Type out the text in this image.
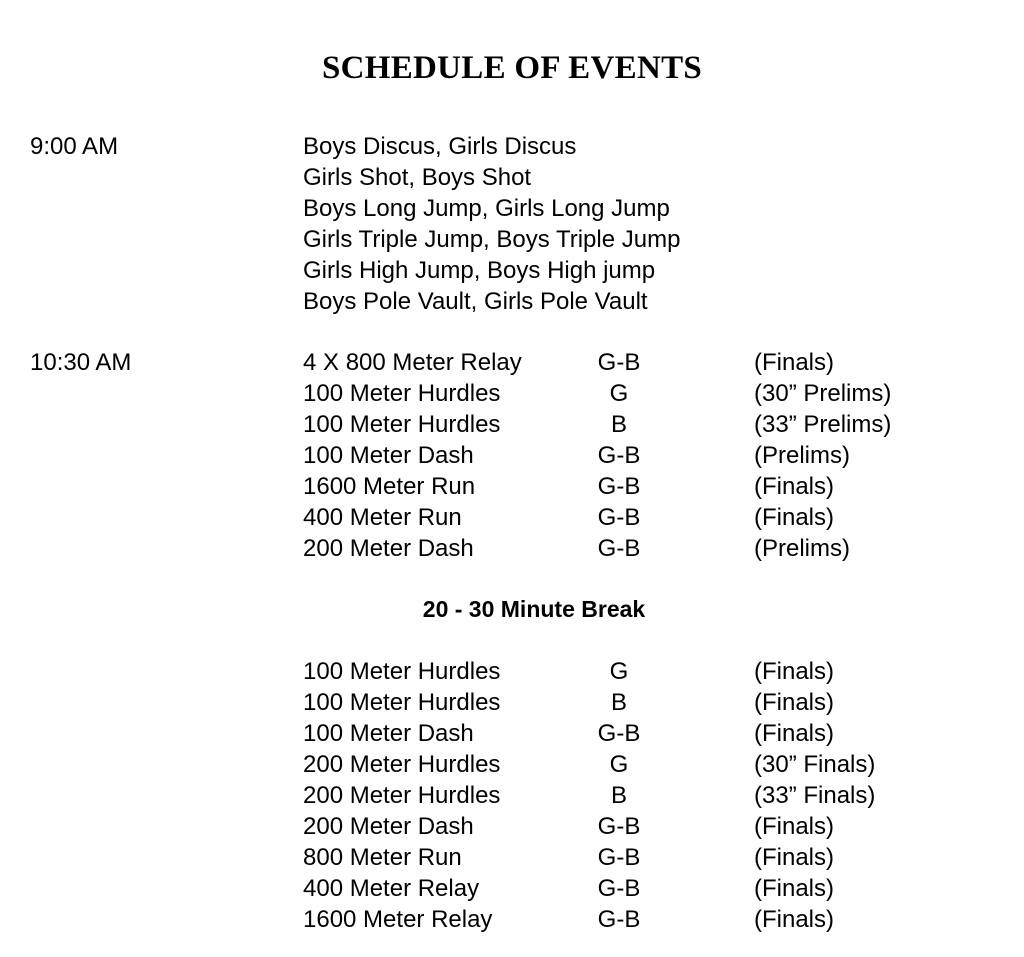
SCHEDULE OF EVENTS
9:00 AM	Boys Discus, Girls Discus
Girls Shot, Boys Shot
Boys Long Jump, Girls Long Jump
Girls Triple Jump, Boys Triple Jump
Girls High Jump, Boys High jump
Boys Pole Vault, Girls Pole Vault
10:30 AM	4 X 800 Meter Relay	G-B	(Finals)
100 Meter Hurdles	G	(30” Prelims)
100 Meter Hurdles	B	(33” Prelims)
100 Meter Dash	G-B	(Prelims)
1600 Meter Run	G-B	(Finals)
400 Meter Run	G-B	(Finals)
200 Meter Dash	G-B	(Prelims)
20 - 30 Minute Break
100 Meter Hurdles	G	(Finals)
100 Meter Hurdles	B	(Finals)
100 Meter Dash	G-B	(Finals)
200 Meter Hurdles	G	(30” Finals)
200 Meter Hurdles	B	(33” Finals)
200 Meter Dash	G-B	(Finals)
800 Meter Run	G-B	(Finals)
400 Meter Relay	G-B	(Finals)
1600 Meter Relay	G-B	(Finals)
